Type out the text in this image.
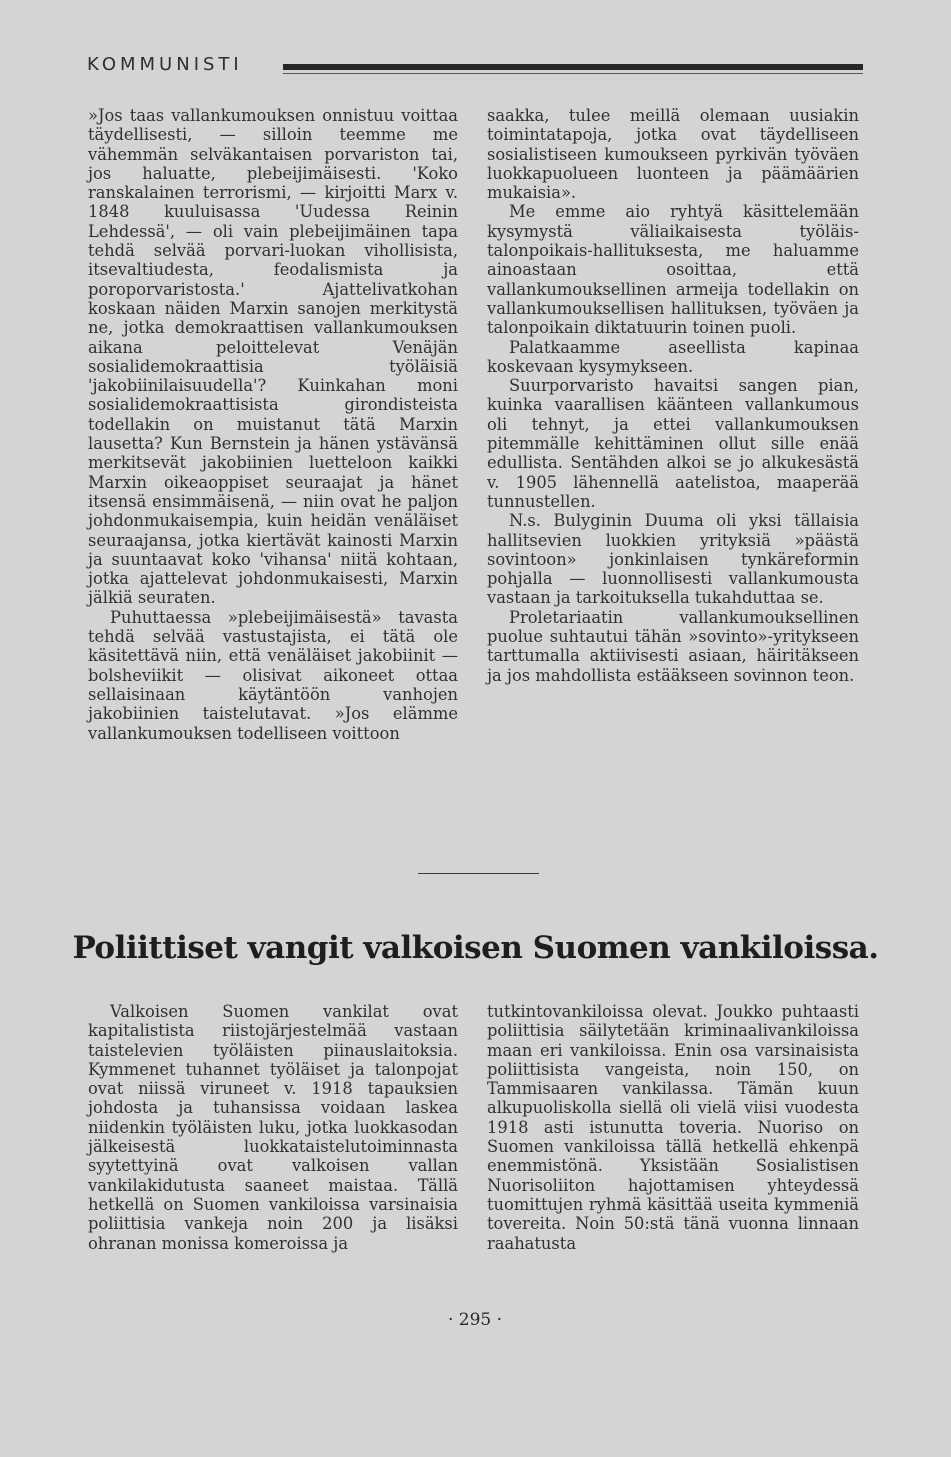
KOMMUNISTI

»Jos taas vallankumouksen onnistuu voittaa täydellisesti, — silloin teemme me vähemmän selväkantaisen porvariston tai, jos haluatte, plebeijimäisesti. 'Koko ranskalainen terrorismi, — kirjoitti Marx v. 1848 kuuluisassa 'Uudessa Reinin Lehdessä', — oli vain plebeijimäinen tapa tehdä selvää porvari-luokan vihollisista, itsevaltiudesta, feodalismista ja poroporvaristosta.' Ajattelivatkohan koskaan näiden Marxin sanojen merkitystä ne, jotka demokraattisen vallankumouksen aikana peloittelevat Venäjän sosialidemokraattisia työläisiä 'jakobiinilaisuudella'? Kuinkahan moni sosialidemokraattisista girondisteista todellakin on muistanut tätä Marxin lausetta? Kun Bernstein ja hänen ystävänsä merkitsevät jakobiinien luetteloon kaikki Marxin oikeaoppiset seuraajat ja hänet itsensä ensimmäisenä, — niin ovat he paljon johdonmukaisempia, kuin heidän venäläiset seuraajansa, jotka kiertävät kainosti Marxin ja suuntaavat koko 'vihansa' niitä kohtaan, jotka ajattelevat johdonmukaisesti, Marxin jälkiä seuraten.

Puhuttaessa »plebeijimäisestä» tavasta tehdä selvää vastustajista, ei tätä ole käsitettävä niin, että venäläiset jakobiinit — bolsheviikit — olisivat aikoneet ottaa sellaisinaan käytäntöön vanhojen jakobiinien taistelutavat. »Jos elämme vallankumouksen todelliseen voittoon

saakka, tulee meillä olemaan uusiakin toimintatapoja, jotka ovat täydelliseen sosialistiseen kumoukseen pyrkivän työväen luokkapuolueen luonteen ja päämäärien mukaisia».

Me emme aio ryhtyä käsittelemään kysymystä väliaikaisesta työläis-talonpoikais-hallituksesta, me haluamme ainoastaan osoittaa, että vallankumouksellinen armeija todellakin on vallankumouksellisen hallituksen, työväen ja talonpoikain diktatuurin toinen puoli.

Palatkaamme aseellista kapinaa koskevaan kysymykseen.

Suurporvaristo havaitsi sangen pian, kuinka vaarallisen käänteen vallankumous oli tehnyt, ja ettei vallankumouksen pitemmälle kehittäminen ollut sille enää edullista. Sentähden alkoi se jo alkukesästä v. 1905 lähennellä aatelistoa, maaperää tunnustellen.

N.s. Bulyginin Duuma oli yksi tällaisia hallitsevien luokkien yrityksiä »päästä sovintoon» jonkinlaisen tynkäreformin pohjalla — luonnollisesti vallankumousta vastaan ja tarkoituksella tukahduttaa se.

Proletariaatin vallankumouksellinen puolue suhtautui tähän »sovinto»-yritykseen tarttumalla aktiivisesti asiaan, häiritäkseen ja jos mahdollista estääkseen sovinnon teon.

Poliittiset vangit valkoisen Suomen vankiloissa.

Valkoisen Suomen vankilat ovat kapitalistista riistojärjestelmää vastaan taistelevien työläisten piinauslaitoksia. Kymmenet tuhannet työläiset ja talonpojat ovat niissä viruneet v. 1918 tapauksien johdosta ja tuhansissa voidaan laskea niidenkin työläisten luku, jotka luokkasodan jälkeisestä luokkataistelutoiminnasta syytettyinä ovat valkoisen vallan vankilakidutusta saaneet maistaa. Tällä hetkellä on Suomen vankiloissa varsinaisia poliittisia vankeja noin 200 ja lisäksi ohranan monissa komeroissa ja

tutkintovankiloissa olevat. Joukko puhtaasti poliittisia säilytetään kriminaalivankiloissa maan eri vankiloissa. Enin osa varsinaisista poliittisista vangeista, noin 150, on Tammisaaren vankilassa. Tämän kuun alkupuoliskolla siellä oli vielä viisi vuodesta 1918 asti istunutta toveria. Nuoriso on Suomen vankiloissa tällä hetkellä ehkenpä enemmistönä. Yksistään Sosialistisen Nuorisoliiton hajottamisen yhteydessä tuomittujen ryhmä käsittää useita kymmeniä tovereita. Noin 50:stä tänä vuonna linnaan raahatusta

· 295 ·
